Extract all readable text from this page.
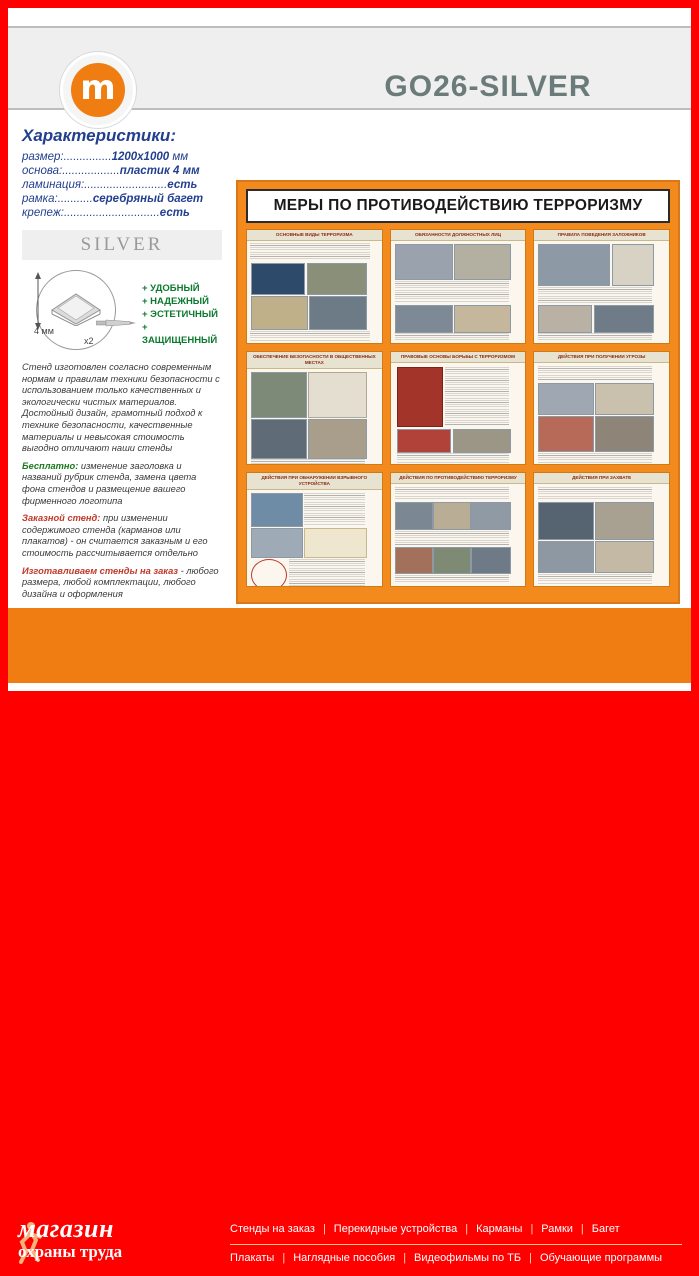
m	GO26-SILVER
Характеристики:
размер:...............1200х1000 мм
основа:..................пластик 4 мм
ламинация:..........................есть
рамка:...........серебряный багет
крепеж:..............................есть
SILVER
4 мм
x2
+ УДОБНЫЙ
+ НАДЕЖНЫЙ
+ ЭСТЕТИЧНЫЙ
+ ЗАЩИЩЕННЫЙ
Стенд изготовлен согласно современным нормам и правилам техники безопасности с использованием только качественных и экологически чистых материалов. Достойный дизайн, грамотный подход к технике безопасности, качественные материалы и невысокая стоимость выгодно отличают наши стенды
Бесплатно: изменение заголовка и названий рубрик стенда, замена цвета фона стендов и размещение вашего фирменного логотипа
Заказной стенд: при изменении содержимого стенда (карманов или плакатов) - он считается заказным и его стоимость рассчитывается отдельно
Изготавливаем стенды на заказ - любого размера, любой комплектации, любого дизайна и оформления
МЕРЫ ПО ПРОТИВОДЕЙСТВИЮ ТЕРРОРИЗМУ
ОСНОВНЫЕ ВИДЫ ТЕРРОРИЗМА	ОБЯЗАННОСТИ ДОЛЖНОСТНЫХ ЛИЦ	ПРАВИЛА ПОВЕДЕНИЯ ЗАЛОЖНИКОВ
ОБЕСПЕЧЕНИЕ БЕЗОПАСНОСТИ В ОБЩЕСТВЕННЫХ МЕСТАХ
ПРАВОВЫЕ ОСНОВЫ БОРЬБЫ С ТЕРРОРИЗМОМ	ДЕЙСТВИЯ ПРИ ПОЛУЧЕНИИ УГРОЗЫ
ДЕЙСТВИЯ ПРИ ОБНАРУЖЕНИИ ВЗРЫВНОГО УСТРОЙСТВА
ДЕЙСТВИЯ ПО ПРОТИВОДЕЙСТВИЮ ТЕРРОРИЗМУ	ДЕЙСТВИЯ ПРИ ЗАХВАТЕ
магазин
охраны труда
Стенды на заказ | Перекидные устройства | Карманы | Рамки | Багет
Плакаты | Наглядные пособия | Видеофильмы по ТБ | Обучающие программы
